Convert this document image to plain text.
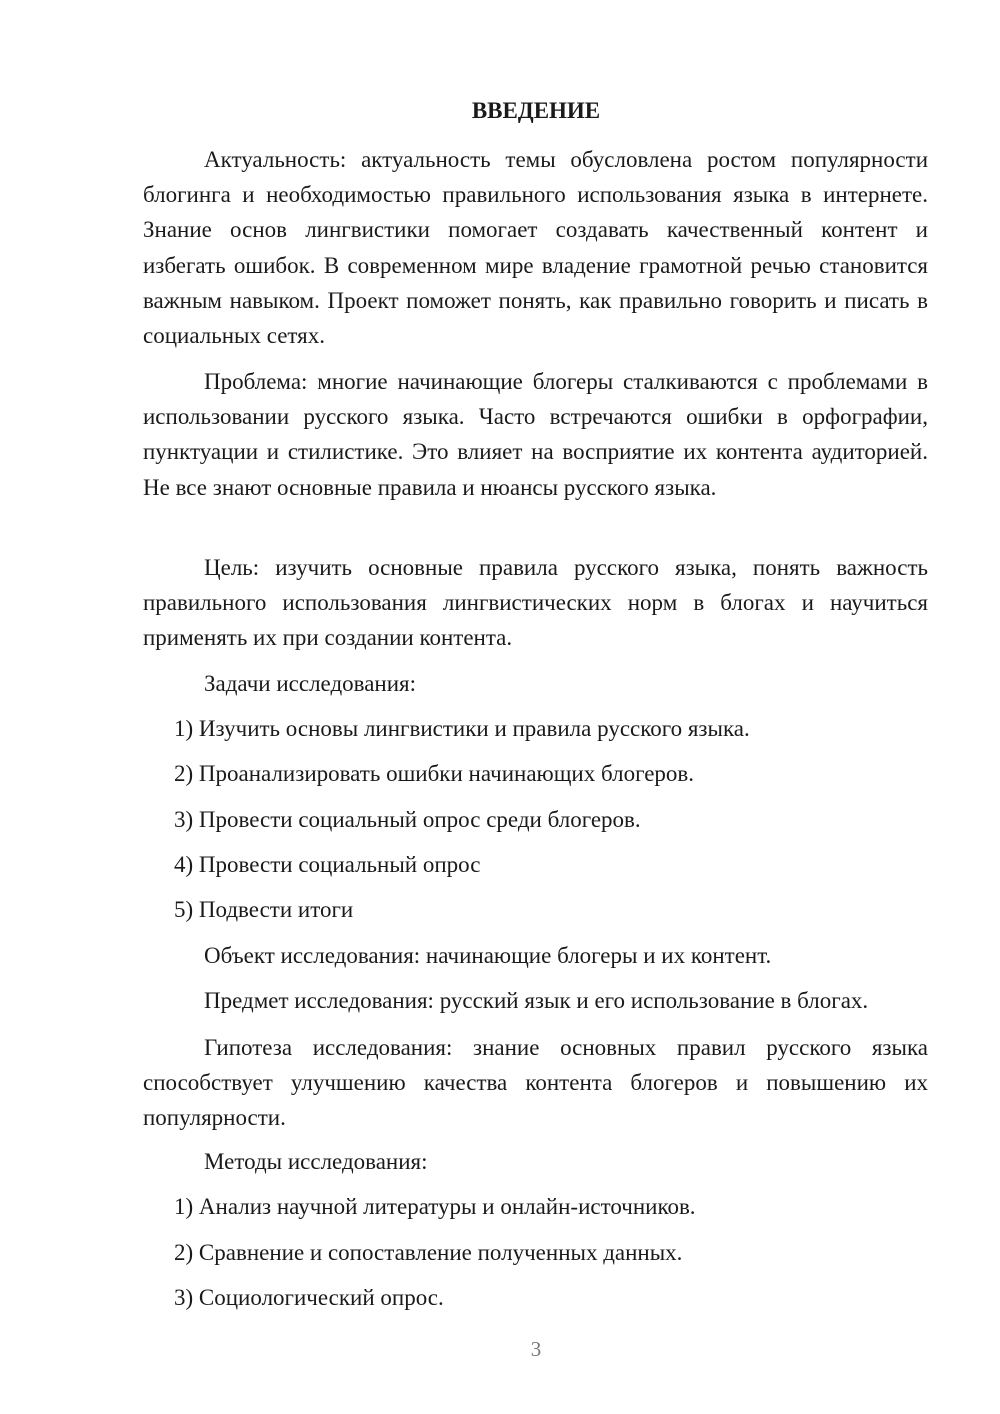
ВВЕДЕНИЕ

Актуальность: актуальность темы обусловлена ростом популярности блогинга и необходимостью правильного использования языка в интернете. Знание основ лингвистики помогает создавать качественный контент и избегать ошибок. В современном мире владение грамотной речью становится важным навыком. Проект поможет понять, как правильно говорить и писать в социальных сетях.

Проблема: многие начинающие блогеры сталкиваются с проблемами в использовании русского языка. Часто встречаются ошибки в орфографии, пунктуации и стилистике. Это влияет на восприятие их контента аудиторией. Не все знают основные правила и нюансы русского языка.

Цель: изучить основные правила русского языка, понять важность правильного использования лингвистических норм в блогах и научиться применять их при создании контента.

Задачи исследования:

1) Изучить основы лингвистики и правила русского языка.

2) Проанализировать ошибки начинающих блогеров.

3) Провести социальный опрос среди блогеров.

4) Провести социальный опрос

5) Подвести итоги

Объект исследования: начинающие блогеры и их контент.

Предмет исследования: русский язык и его использование в блогах.

Гипотеза исследования: знание основных правил русского языка способствует улучшению качества контента блогеров и повышению их популярности.

Методы исследования:

1) Анализ научной литературы и онлайн-источников.

2) Сравнение и сопоставление полученных данных.

3) Социологический опрос.

3
